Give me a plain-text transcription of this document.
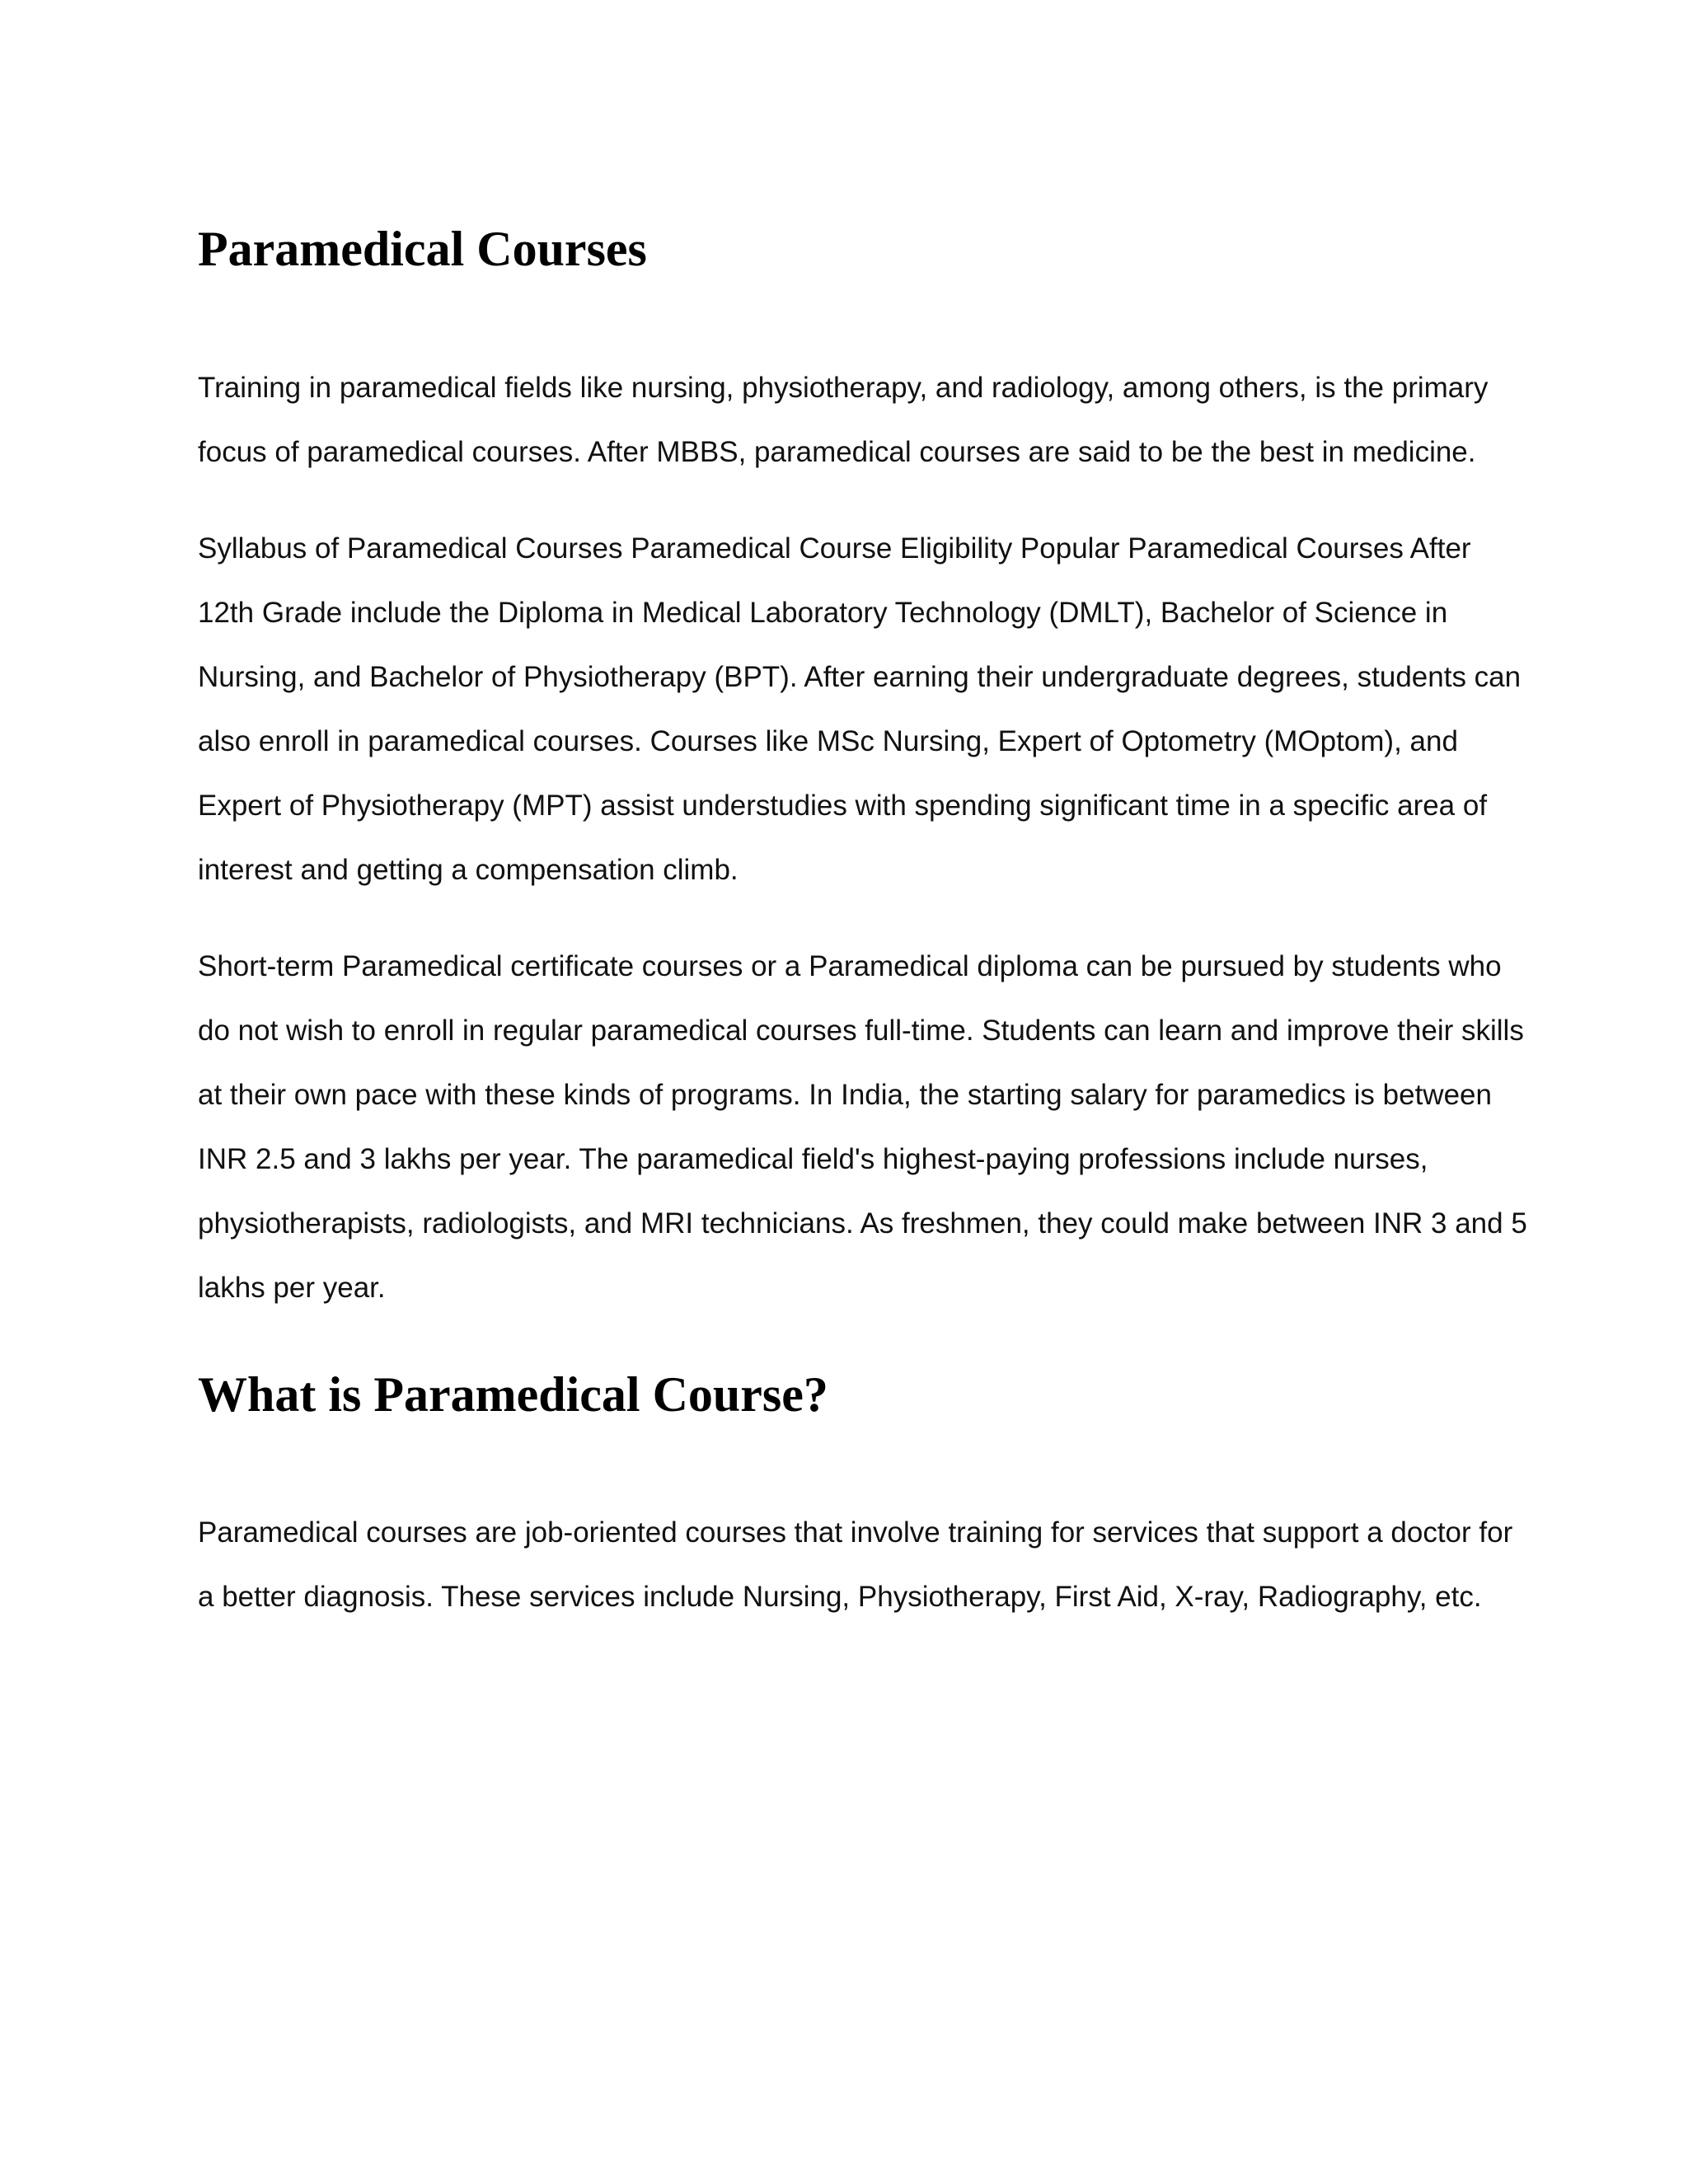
Paramedical Courses

Training in paramedical fields like nursing, physiotherapy, and radiology, among others, is the primary focus of paramedical courses. After MBBS, paramedical courses are said to be the best in medicine.

Syllabus of Paramedical Courses Paramedical Course Eligibility Popular Paramedical Courses After 12th Grade include the Diploma in Medical Laboratory Technology (DMLT), Bachelor of Science in Nursing, and Bachelor of Physiotherapy (BPT). After earning their undergraduate degrees, students can also enroll in paramedical courses. Courses like MSc Nursing, Expert of Optometry (MOptom), and Expert of Physiotherapy (MPT) assist understudies with spending significant time in a specific area of interest and getting a compensation climb.

Short-term Paramedical certificate courses or a Paramedical diploma can be pursued by students who do not wish to enroll in regular paramedical courses full-time. Students can learn and improve their skills at their own pace with these kinds of programs. In India, the starting salary for paramedics is between INR 2.5 and 3 lakhs per year. The paramedical field's highest-paying professions include nurses, physiotherapists, radiologists, and MRI technicians. As freshmen, they could make between INR 3 and 5 lakhs per year.

What is Paramedical Course?

Paramedical courses are job-oriented courses that involve training for services that support a doctor for a better diagnosis. These services include Nursing, Physiotherapy, First Aid, X-ray, Radiography, etc.
